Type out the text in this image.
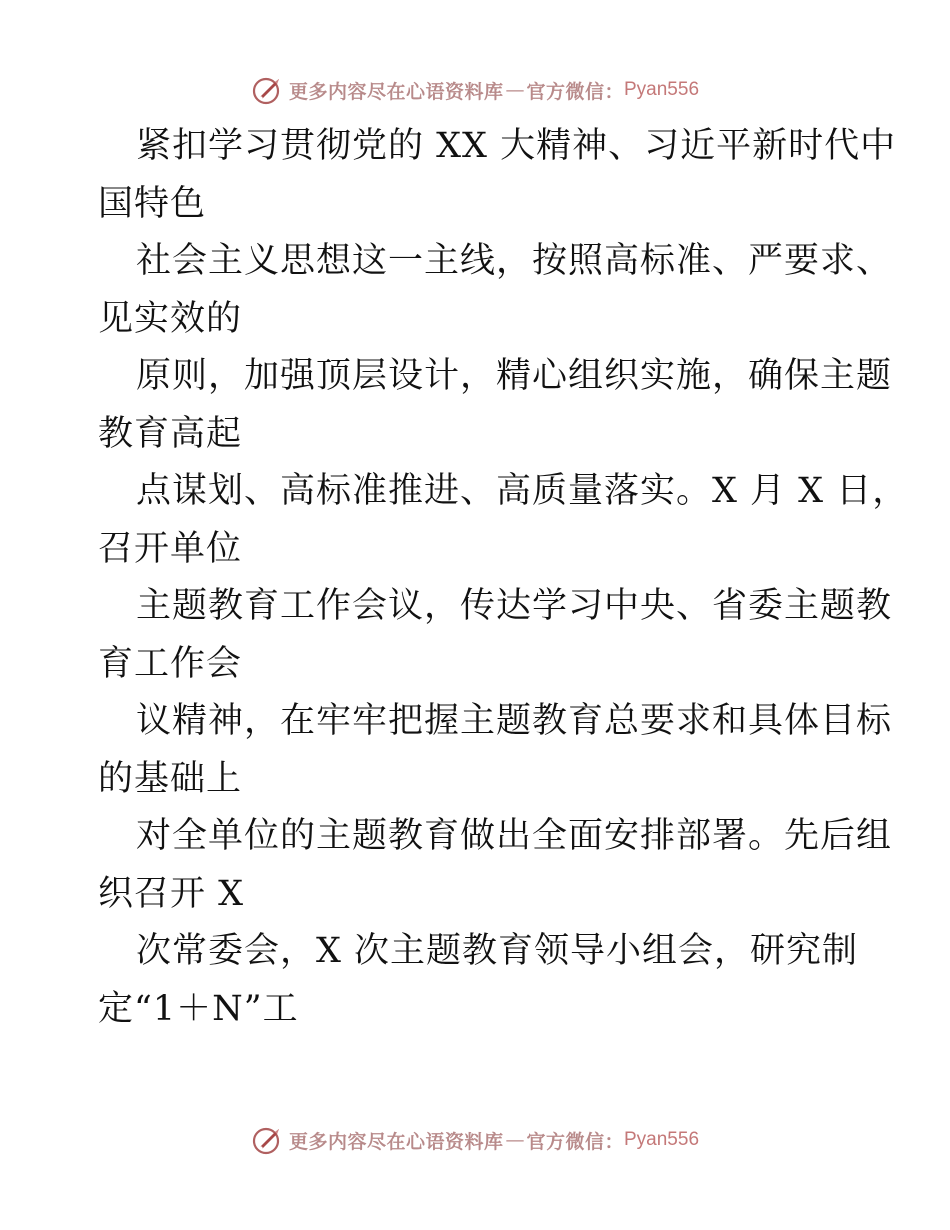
更多内容尽在心语资料库 — 官方微信： Pyan556
紧扣学习贯彻党的 XX 大精神、习近平新时代中
国特色
社会主义思想这一主线，按照高标准、严要求、
见实效的
原则，加强顶层设计，精心组织实施，确保主题
教育高起
点谋划、高标准推进、高质量落实。X 月 X 日，
召开单位
主题教育工作会议，传达学习中央、省委主题教
育工作会
议精神，在牢牢把握主题教育总要求和具体目标
的基础上
对全单位的主题教育做出全面安排部署。先后组
织召开 X
次常委会，X 次主题教育领导小组会，研究制
定“1＋N”工
更多内容尽在心语资料库 — 官方微信： Pyan556
